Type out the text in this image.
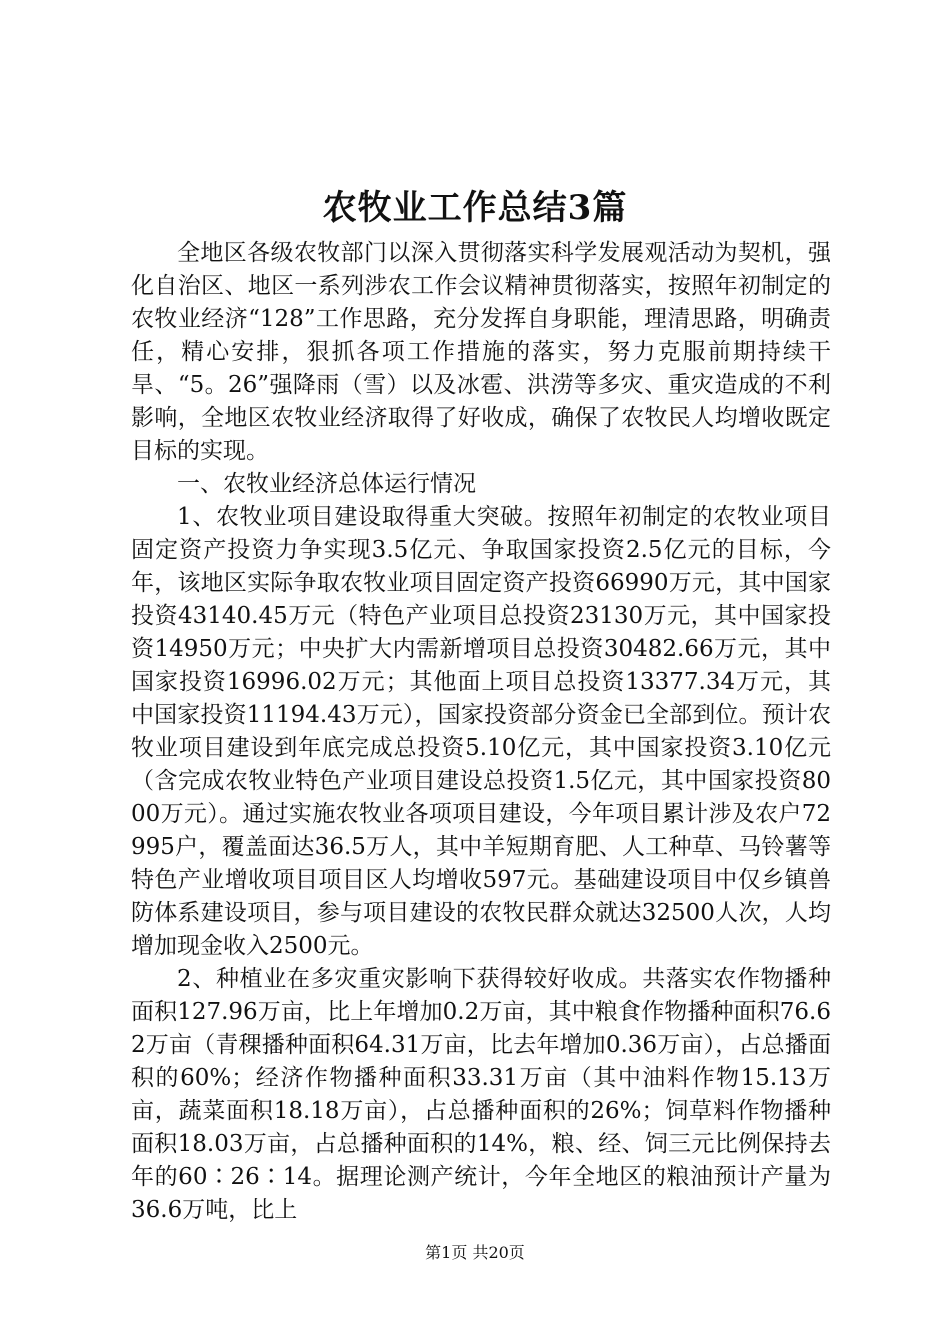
农牧业工作总结3篇

全地区各级农牧部门以深入贯彻落实科学发展观活动为契机，强化自治区、地区一系列涉农工作会议精神贯彻落实，按照年初制定的农牧业经济“128”工作思路，充分发挥自身职能，理清思路，明确责任，精心安排，狠抓各项工作措施的落实，努力克服前期持续干旱、“5。26”强降雨（雪）以及冰雹、洪涝等多灾、重灾造成的不利影响，全地区农牧业经济取得了好收成，确保了农牧民人均增收既定目标的实现。

一、农牧业经济总体运行情况

1、农牧业项目建设取得重大突破。按照年初制定的农牧业项目固定资产投资力争实现3.5亿元、争取国家投资2.5亿元的目标，今年，该地区实际争取农牧业项目固定资产投资66990万元，其中国家投资43140.45万元（特色产业项目总投资23130万元，其中国家投资14950万元；中央扩大内需新增项目总投资30482.66万元，其中国家投资16996.02万元；其他面上项目总投资13377.34万元，其中国家投资11194.43万元），国家投资部分资金已全部到位。预计农牧业项目建设到年底完成总投资5.10亿元，其中国家投资3.10亿元（含完成农牧业特色产业项目建设总投资1.5亿元，其中国家投资8000万元）。通过实施农牧业各项项目建设，今年项目累计涉及农户72995户，覆盖面达36.5万人，其中羊短期育肥、人工种草、马铃薯等特色产业增收项目项目区人均增收597元。基础建设项目中仅乡镇兽防体系建设项目，参与项目建设的农牧民群众就达32500人次，人均增加现金收入2500元。

2、种植业在多灾重灾影响下获得较好收成。共落实农作物播种面积127.96万亩，比上年增加0.2万亩，其中粮食作物播种面积76.62万亩（青稞播种面积64.31万亩，比去年增加0.36万亩），占总播面积的60%；经济作物播种面积33.31万亩（其中油料作物15.13万亩，蔬菜面积18.18万亩），占总播种面积的26%；饲草料作物播种面积18.03万亩，占总播种面积的14%，粮、经、饲三元比例保持去年的60∶26∶14。据理论测产统计，今年全地区的粮油预计产量为36.6万吨，比上

第1页 共20页
